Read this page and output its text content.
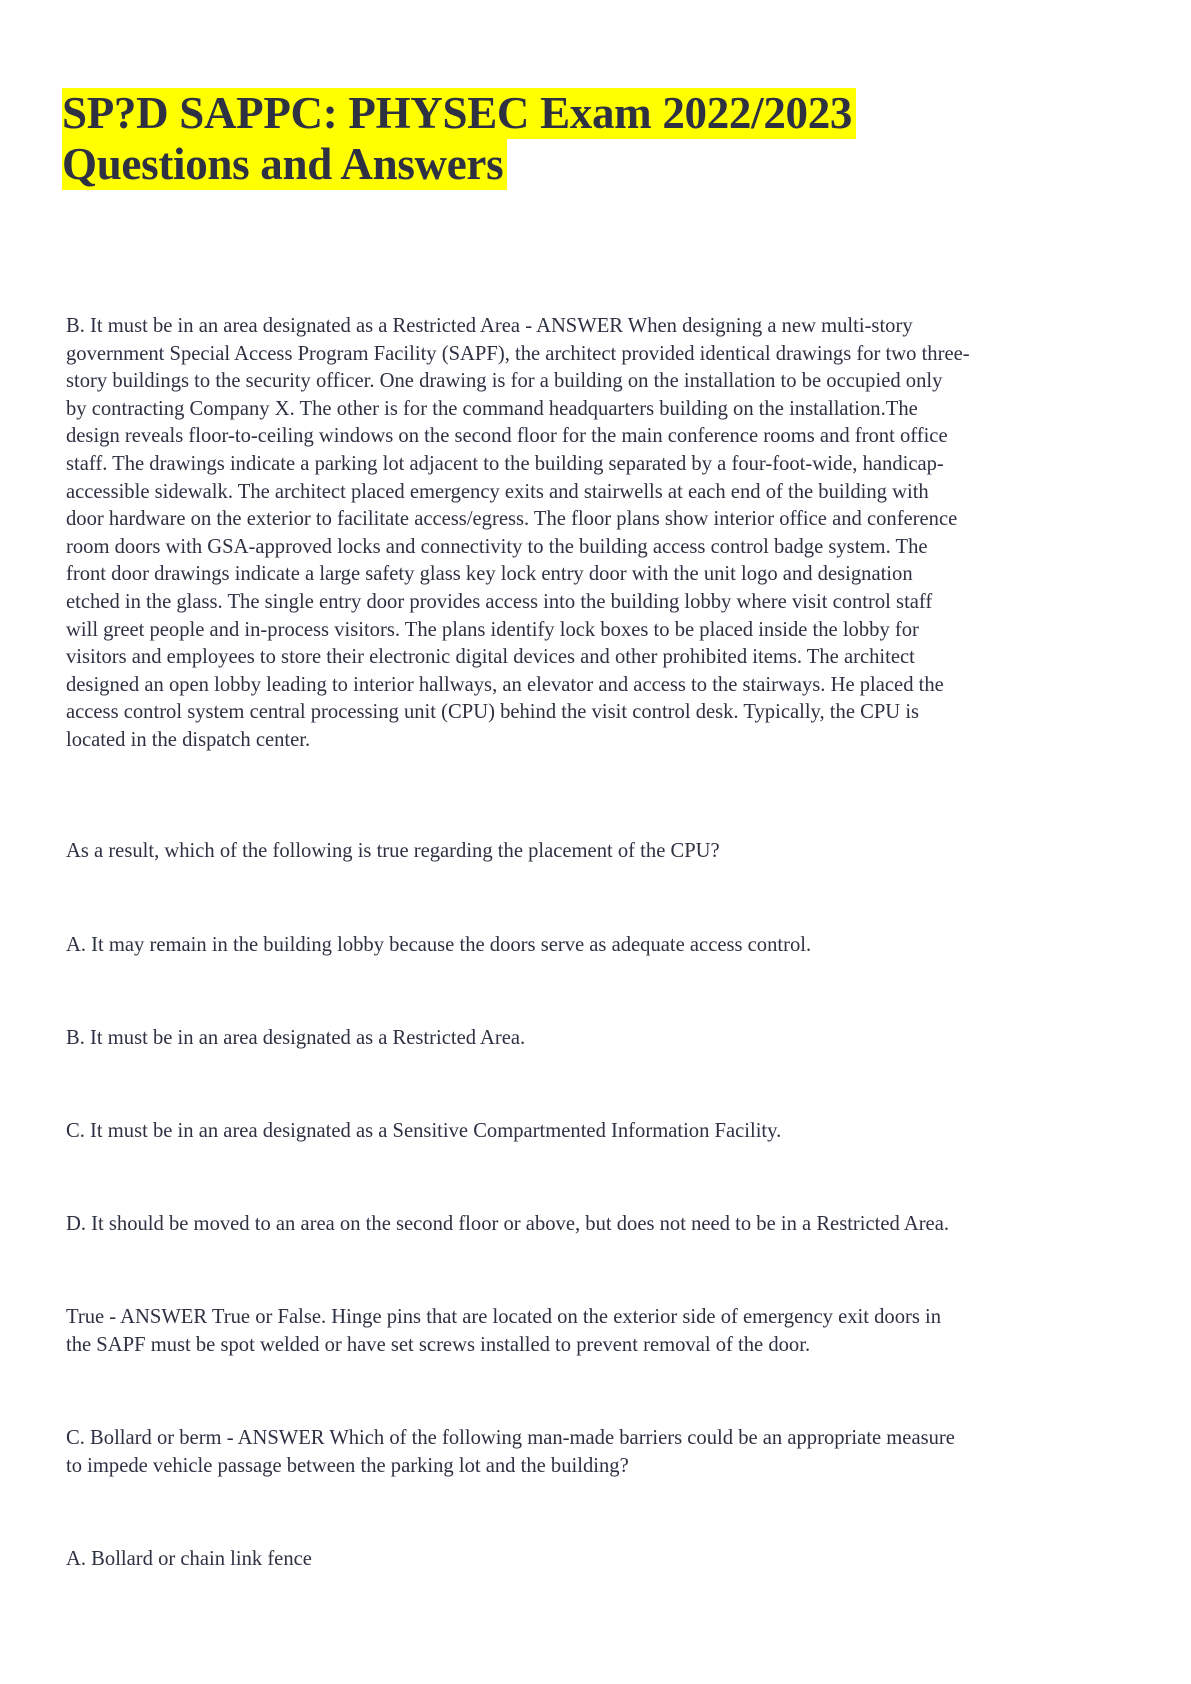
SP?D SAPPC: PHYSEC Exam 2022/2023
Questions and Answers
B. It must be in an area designated as a Restricted Area - ANSWER When designing a new multi-story
government Special Access Program Facility (SAPF), the architect provided identical drawings for two three-
story buildings to the security officer. One drawing is for a building on the installation to be occupied only
by contracting Company X. The other is for the command headquarters building on the installation.The
design reveals floor-to-ceiling windows on the second floor for the main conference rooms and front office
staff. The drawings indicate a parking lot adjacent to the building separated by a four-foot-wide, handicap-
accessible sidewalk. The architect placed emergency exits and stairwells at each end of the building with
door hardware on the exterior to facilitate access/egress. The floor plans show interior office and conference
room doors with GSA-approved locks and connectivity to the building access control badge system. The
front door drawings indicate a large safety glass key lock entry door with the unit logo and designation
etched in the glass. The single entry door provides access into the building lobby where visit control staff
will greet people and in-process visitors. The plans identify lock boxes to be placed inside the lobby for
visitors and employees to store their electronic digital devices and other prohibited items. The architect
designed an open lobby leading to interior hallways, an elevator and access to the stairways. He placed the
access control system central processing unit (CPU) behind the visit control desk. Typically, the CPU is
located in the dispatch center.
As a result, which of the following is true regarding the placement of the CPU?
A. It may remain in the building lobby because the doors serve as adequate access control.
B. It must be in an area designated as a Restricted Area.
C. It must be in an area designated as a Sensitive Compartmented Information Facility.
D. It should be moved to an area on the second floor or above, but does not need to be in a Restricted Area.
True - ANSWER True or False. Hinge pins that are located on the exterior side of emergency exit doors in
the SAPF must be spot welded or have set screws installed to prevent removal of the door.
C. Bollard or berm - ANSWER Which of the following man-made barriers could be an appropriate measure
to impede vehicle passage between the parking lot and the building?
A. Bollard or chain link fence
